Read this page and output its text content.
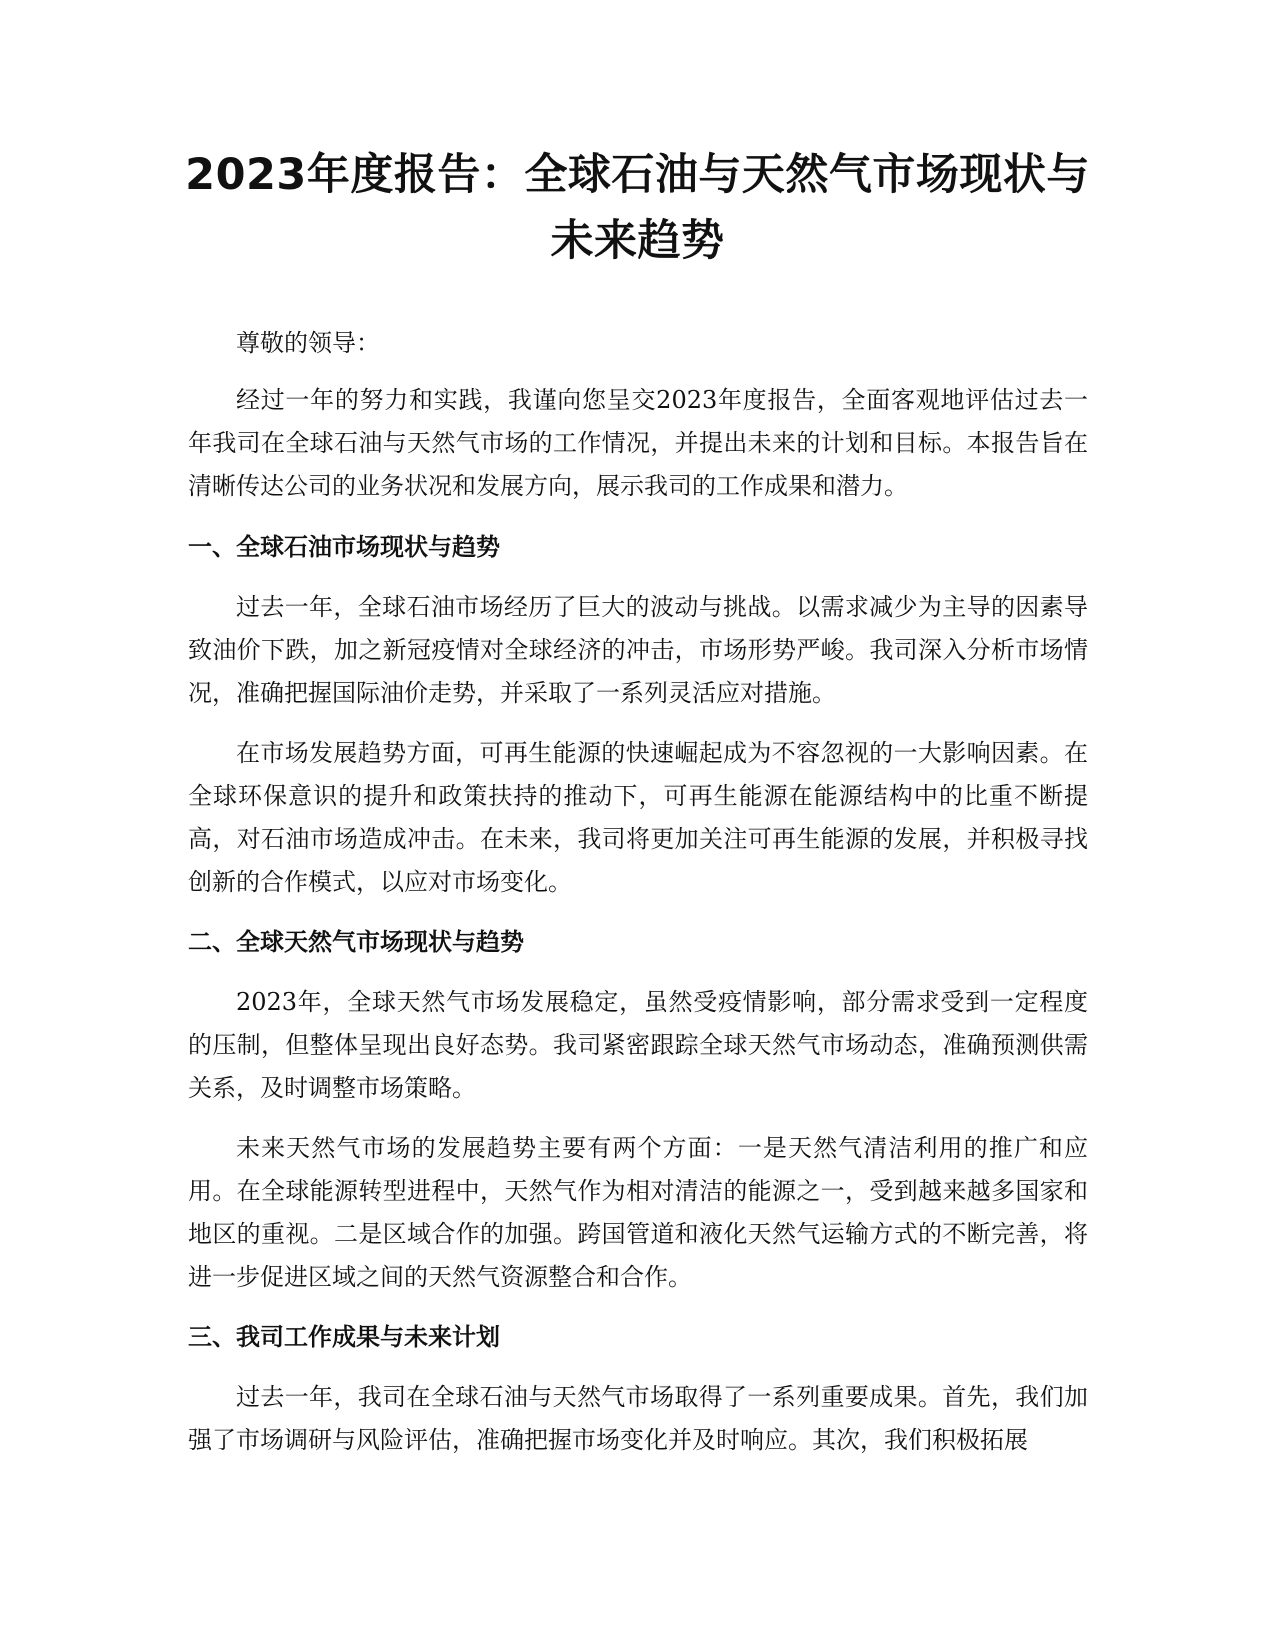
2023年度报告：全球石油与天然气市场现状与未来趋势

尊敬的领导：

经过一年的努力和实践，我谨向您呈交2023年度报告，全面客观地评估过去一年我司在全球石油与天然气市场的工作情况，并提出未来的计划和目标。本报告旨在清晰传达公司的业务状况和发展方向，展示我司的工作成果和潜力。

一、全球石油市场现状与趋势

过去一年，全球石油市场经历了巨大的波动与挑战。以需求减少为主导的因素导致油价下跌，加之新冠疫情对全球经济的冲击，市场形势严峻。我司深入分析市场情况，准确把握国际油价走势，并采取了一系列灵活应对措施。

在市场发展趋势方面，可再生能源的快速崛起成为不容忽视的一大影响因素。在全球环保意识的提升和政策扶持的推动下，可再生能源在能源结构中的比重不断提高，对石油市场造成冲击。在未来，我司将更加关注可再生能源的发展，并积极寻找创新的合作模式，以应对市场变化。

二、全球天然气市场现状与趋势

2023年，全球天然气市场发展稳定，虽然受疫情影响，部分需求受到一定程度的压制，但整体呈现出良好态势。我司紧密跟踪全球天然气市场动态，准确预测供需关系，及时调整市场策略。

未来天然气市场的发展趋势主要有两个方面：一是天然气清洁利用的推广和应用。在全球能源转型进程中，天然气作为相对清洁的能源之一，受到越来越多国家和地区的重视。二是区域合作的加强。跨国管道和液化天然气运输方式的不断完善，将进一步促进区域之间的天然气资源整合和合作。

三、我司工作成果与未来计划

过去一年，我司在全球石油与天然气市场取得了一系列重要成果。首先，我们加强了市场调研与风险评估，准确把握市场变化并及时响应。其次，我们积极拓展
